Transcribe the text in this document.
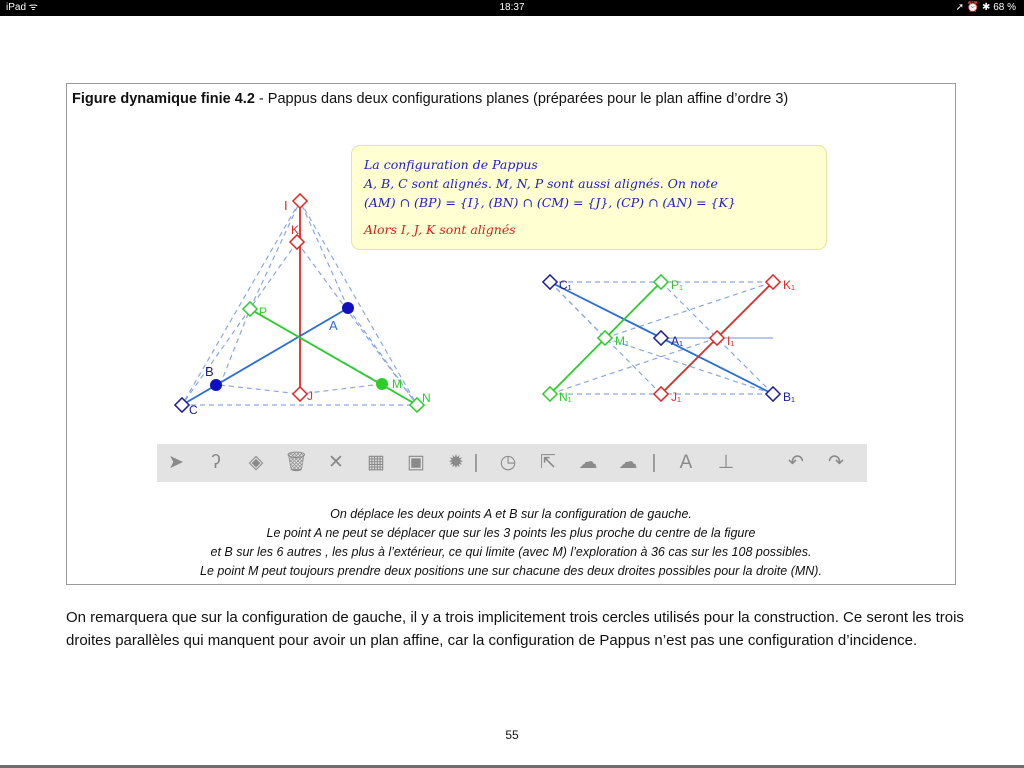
iPad ᯤ	18:37	➚ ⏰ ✱ 68 %
Figure dynamique finie 4.2 - Pappus dans deux configurations planes (préparées pour le plan affine d’ordre 3)
I
K
J
P
A
B
C
M
N
C₁	P₁	K₁
M₁	A₁	I₁
N₁	J₁	B₁
La configuration de Pappus
A, B, C sont alignés. M, N, P sont aussi alignés. On note
(AM) ∩ (BP) = {I}, (BN) ∩ (CM) = {J}, (CP) ∩ (AN) = {K}
Alors I, J, K sont alignés
➤	ʔ	◈	🗑	✕	▦	▣	✹ |	◷	⇱	☁ ☁ |	A	⊥	↶	↷
On déplace les deux points A et B sur la configuration de gauche.
Le point A ne peut se déplacer que sur les 3 points les plus proche du centre de la figure
et B sur les 6 autres , les plus à l’extérieur, ce qui limite (avec M) l’exploration à 36 cas sur les 108 possibles.
Le point M peut toujours prendre deux positions une sur chacune des deux droites possibles pour la droite (MN).
On remarquera que sur la configuration de gauche, il y a trois implicitement trois cercles utilisés pour la construction. Ce seront les trois droites parallèles qui manquent pour avoir un plan affine, car la configuration de Pappus n’est pas une configuration d’incidence.
55
